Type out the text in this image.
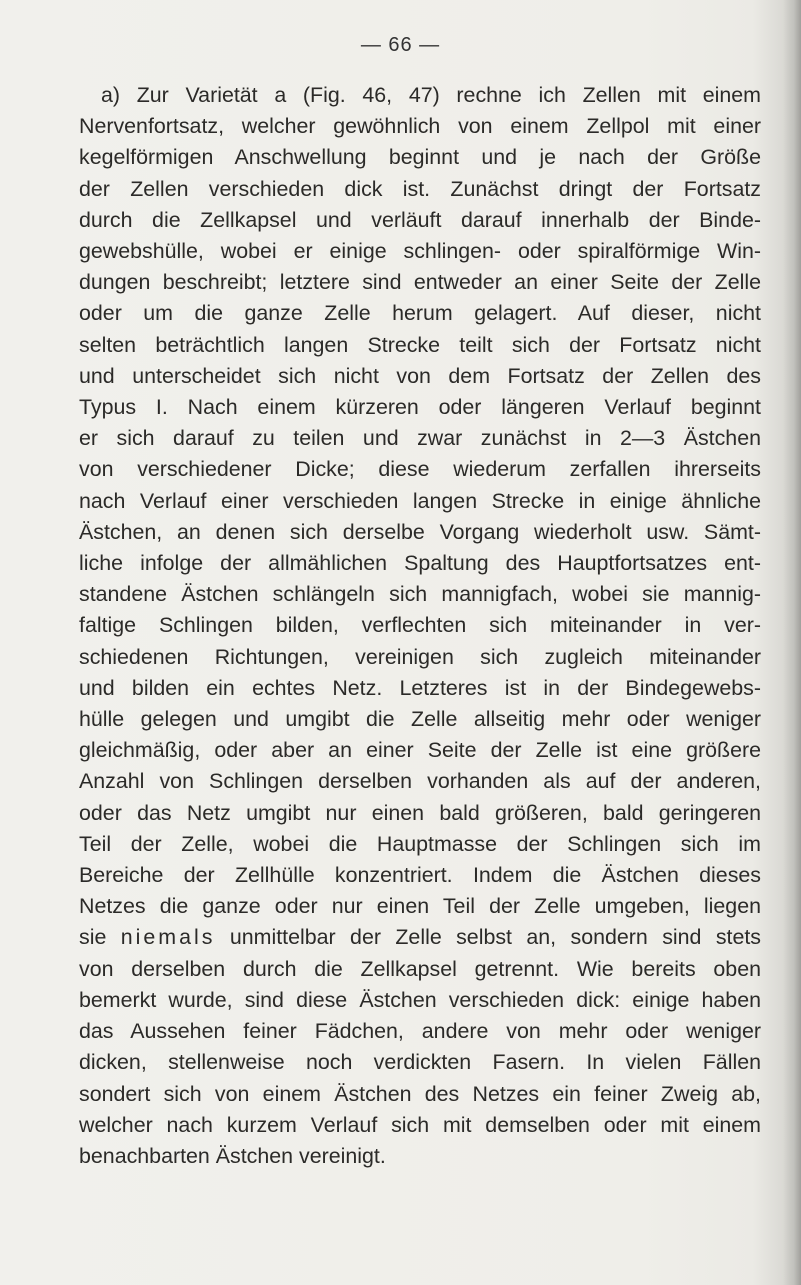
— 66 —
a) Zur Varietät a (Fig. 46, 47) rechne ich Zellen mit einem
Nervenfortsatz, welcher gewöhnlich von einem Zellpol mit einer
kegelförmigen Anschwellung beginnt und je nach der Größe
der Zellen verschieden dick ist. Zunächst dringt der Fortsatz
durch die Zellkapsel und verläuft darauf innerhalb der Binde-
gewebshülle, wobei er einige schlingen- oder spiralförmige Win-
dungen beschreibt; letztere sind entweder an einer Seite der Zelle
oder um die ganze Zelle herum gelagert. Auf dieser, nicht
selten beträchtlich langen Strecke teilt sich der Fortsatz nicht
und unterscheidet sich nicht von dem Fortsatz der Zellen des
Typus I. Nach einem kürzeren oder längeren Verlauf beginnt
er sich darauf zu teilen und zwar zunächst in 2—3 Ästchen
von verschiedener Dicke; diese wiederum zerfallen ihrerseits
nach Verlauf einer verschieden langen Strecke in einige ähnliche
Ästchen, an denen sich derselbe Vorgang wiederholt usw. Sämt-
liche infolge der allmählichen Spaltung des Hauptfortsatzes ent-
standene Ästchen schlängeln sich mannigfach, wobei sie mannig-
faltige Schlingen bilden, verflechten sich miteinander in ver-
schiedenen Richtungen, vereinigen sich zugleich miteinander
und bilden ein echtes Netz. Letzteres ist in der Bindegewebs-
hülle gelegen und umgibt die Zelle allseitig mehr oder weniger
gleichmäßig, oder aber an einer Seite der Zelle ist eine größere
Anzahl von Schlingen derselben vorhanden als auf der anderen,
oder das Netz umgibt nur einen bald größeren, bald geringeren
Teil der Zelle, wobei die Hauptmasse der Schlingen sich im
Bereiche der Zellhülle konzentriert. Indem die Ästchen dieses
Netzes die ganze oder nur einen Teil der Zelle umgeben, liegen
sie niemals unmittelbar der Zelle selbst an, sondern sind stets
von derselben durch die Zellkapsel getrennt. Wie bereits oben
bemerkt wurde, sind diese Ästchen verschieden dick: einige haben
das Aussehen feiner Fädchen, andere von mehr oder weniger
dicken, stellenweise noch verdickten Fasern. In vielen Fällen
sondert sich von einem Ästchen des Netzes ein feiner Zweig ab,
welcher nach kurzem Verlauf sich mit demselben oder mit einem
benachbarten Ästchen vereinigt.
